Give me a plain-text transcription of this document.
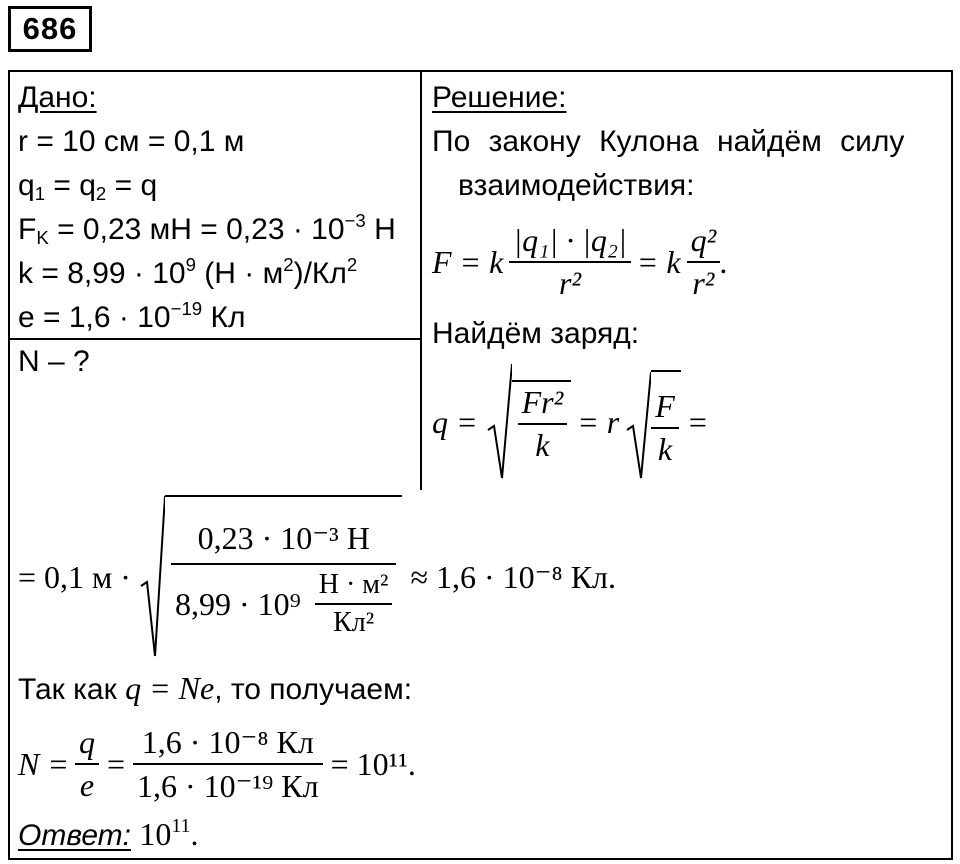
686
Дано:
r = 10 см = 0,1 м
$q_1 = q_2 = q$
$F_K = 0,23$ мН = $0,23 \cdot 10^{-3}$ Н
$k = 8,99 \cdot 10^9$ $(Н \cdot м^2)/Кл^2$
$e = 1,6 \cdot 10^{-19}$ Кл
N – ?
Решение:
По закону Кулона найдём силу
взаимодействия:
F = k $\frac{\text{|q₁| · |q₂|}}{\text{r²}} = k \frac{\text{q²}}{\text{r²}}$ .
Найдём заряд:
$q = \frac{\text{Fr²}}{k} = r \frac{F}{k}$ =
= 0,1 $м \cdot \frac{\text{0,23 · 10⁻³ Н}}{8,99 \cdot 10^9 \frac{\text{Н · м²}}{\text{Кл²}}} \approx 1,6 \cdot 10^{-8}$ Кл.
Так как q = Ne, то получаем:
$N = \frac{q}{e} = \frac{\text{1,6 · 10⁻⁸ Кл}}{\text{1,6 · 10⁻¹⁹ Кл}} = 10^{11}$.
Ответ: $10^{11}$.
